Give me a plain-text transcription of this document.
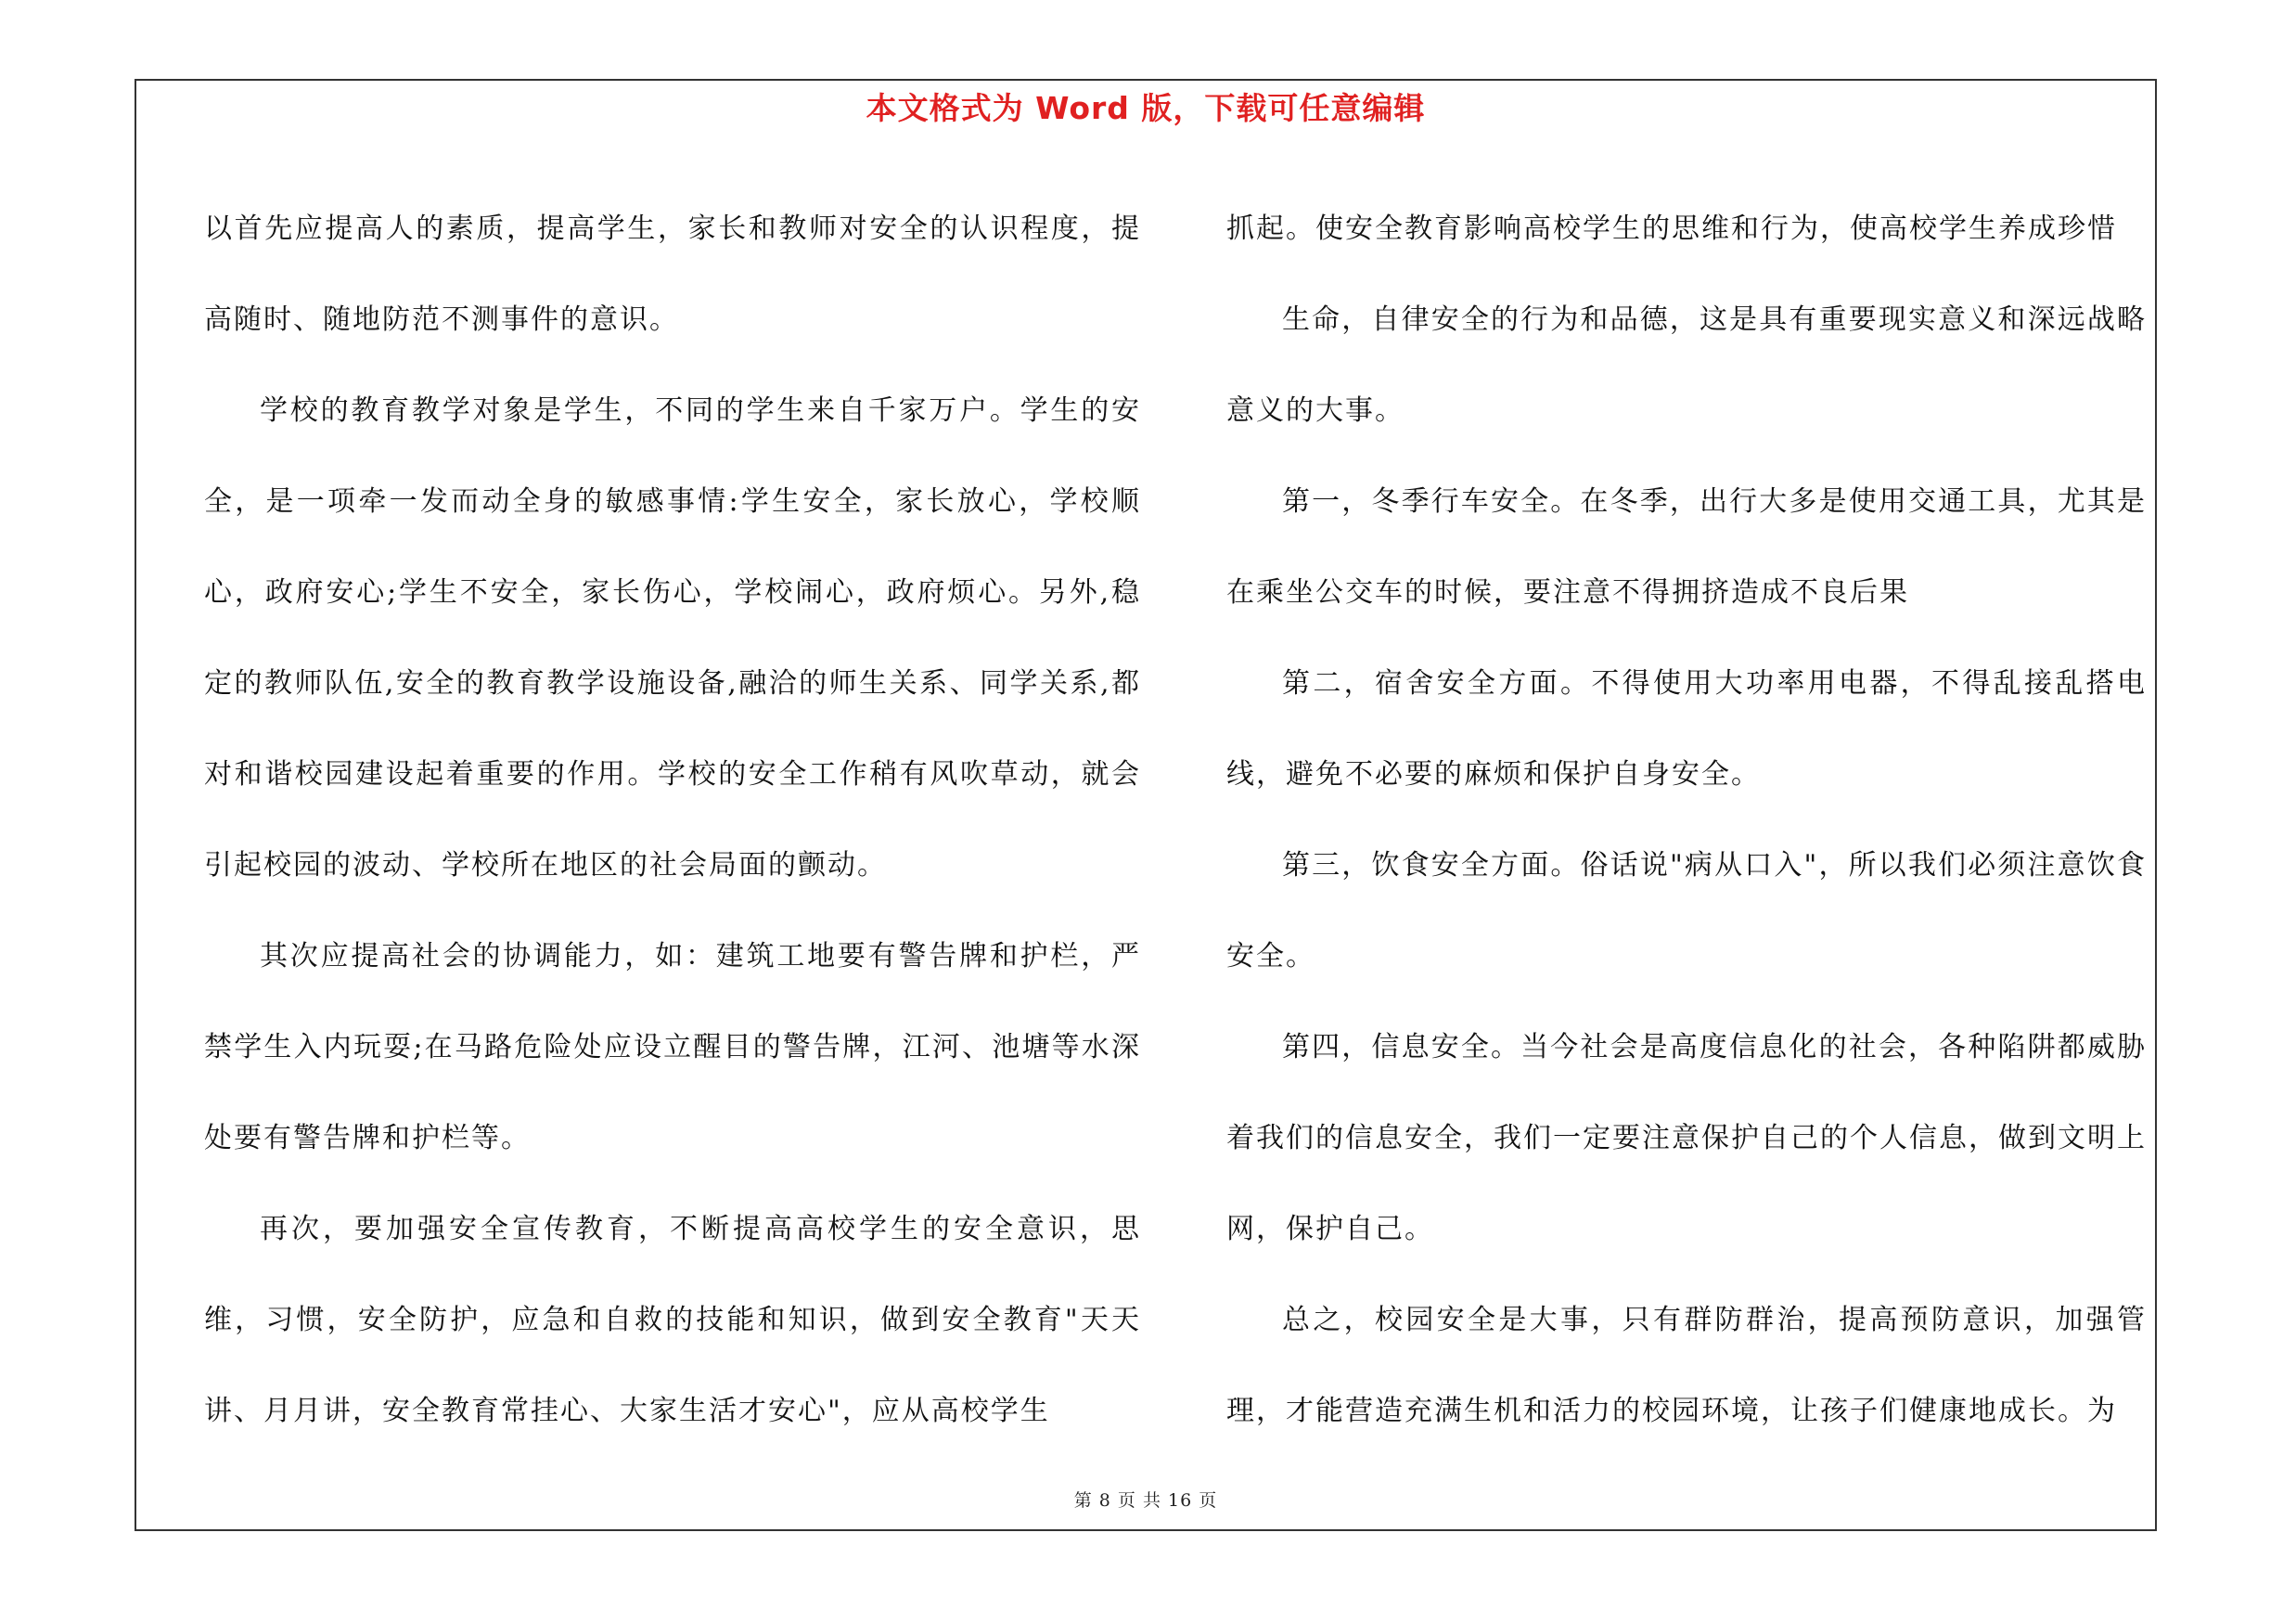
本文格式为 Word 版，下载可任意编辑

以首先应提高人的素质，提高学生，家长和教师对安全的认识程度，提高随时、随地防范不测事件的意识。

学校的教育教学对象是学生，不同的学生来自千家万户。学生的安全，是一项牵一发而动全身的敏感事情:学生安全，家长放心，学校顺心，政府安心;学生不安全，家长伤心，学校闹心，政府烦心。另外,稳定的教师队伍,安全的教育教学设施设备,融洽的师生关系、同学关系,都对和谐校园建设起着重要的作用。学校的安全工作稍有风吹草动，就会引起校园的波动、学校所在地区的社会局面的颤动。

其次应提高社会的协调能力，如：建筑工地要有警告牌和护栏，严禁学生入内玩耍;在马路危险处应设立醒目的警告牌，江河、池塘等水深处要有警告牌和护栏等。

再次，要加强安全宣传教育，不断提高高校学生的安全意识，思维，习惯，安全防护，应急和自救的技能和知识，做到安全教育"天天讲、月月讲，安全教育常挂心、大家生活才安心"，应从高校学生

抓起。使安全教育影响高校学生的思维和行为，使高校学生养成珍惜

生命，自律安全的行为和品德，这是具有重要现实意义和深远战略意义的大事。

第一，冬季行车安全。在冬季，出行大多是使用交通工具，尤其是在乘坐公交车的时候，要注意不得拥挤造成不良后果

第二，宿舍安全方面。不得使用大功率用电器，不得乱接乱搭电线，避免不必要的麻烦和保护自身安全。

第三，饮食安全方面。俗话说"病从口入"，所以我们必须注意饮食安全。

第四，信息安全。当今社会是高度信息化的社会，各种陷阱都威胁着我们的信息安全，我们一定要注意保护自己的个人信息，做到文明上网，保护自己。

总之，校园安全是大事，只有群防群治，提高预防意识，加强管理，才能营造充满生机和活力的校园环境，让孩子们健康地成长。为

第 8 页 共 16 页
